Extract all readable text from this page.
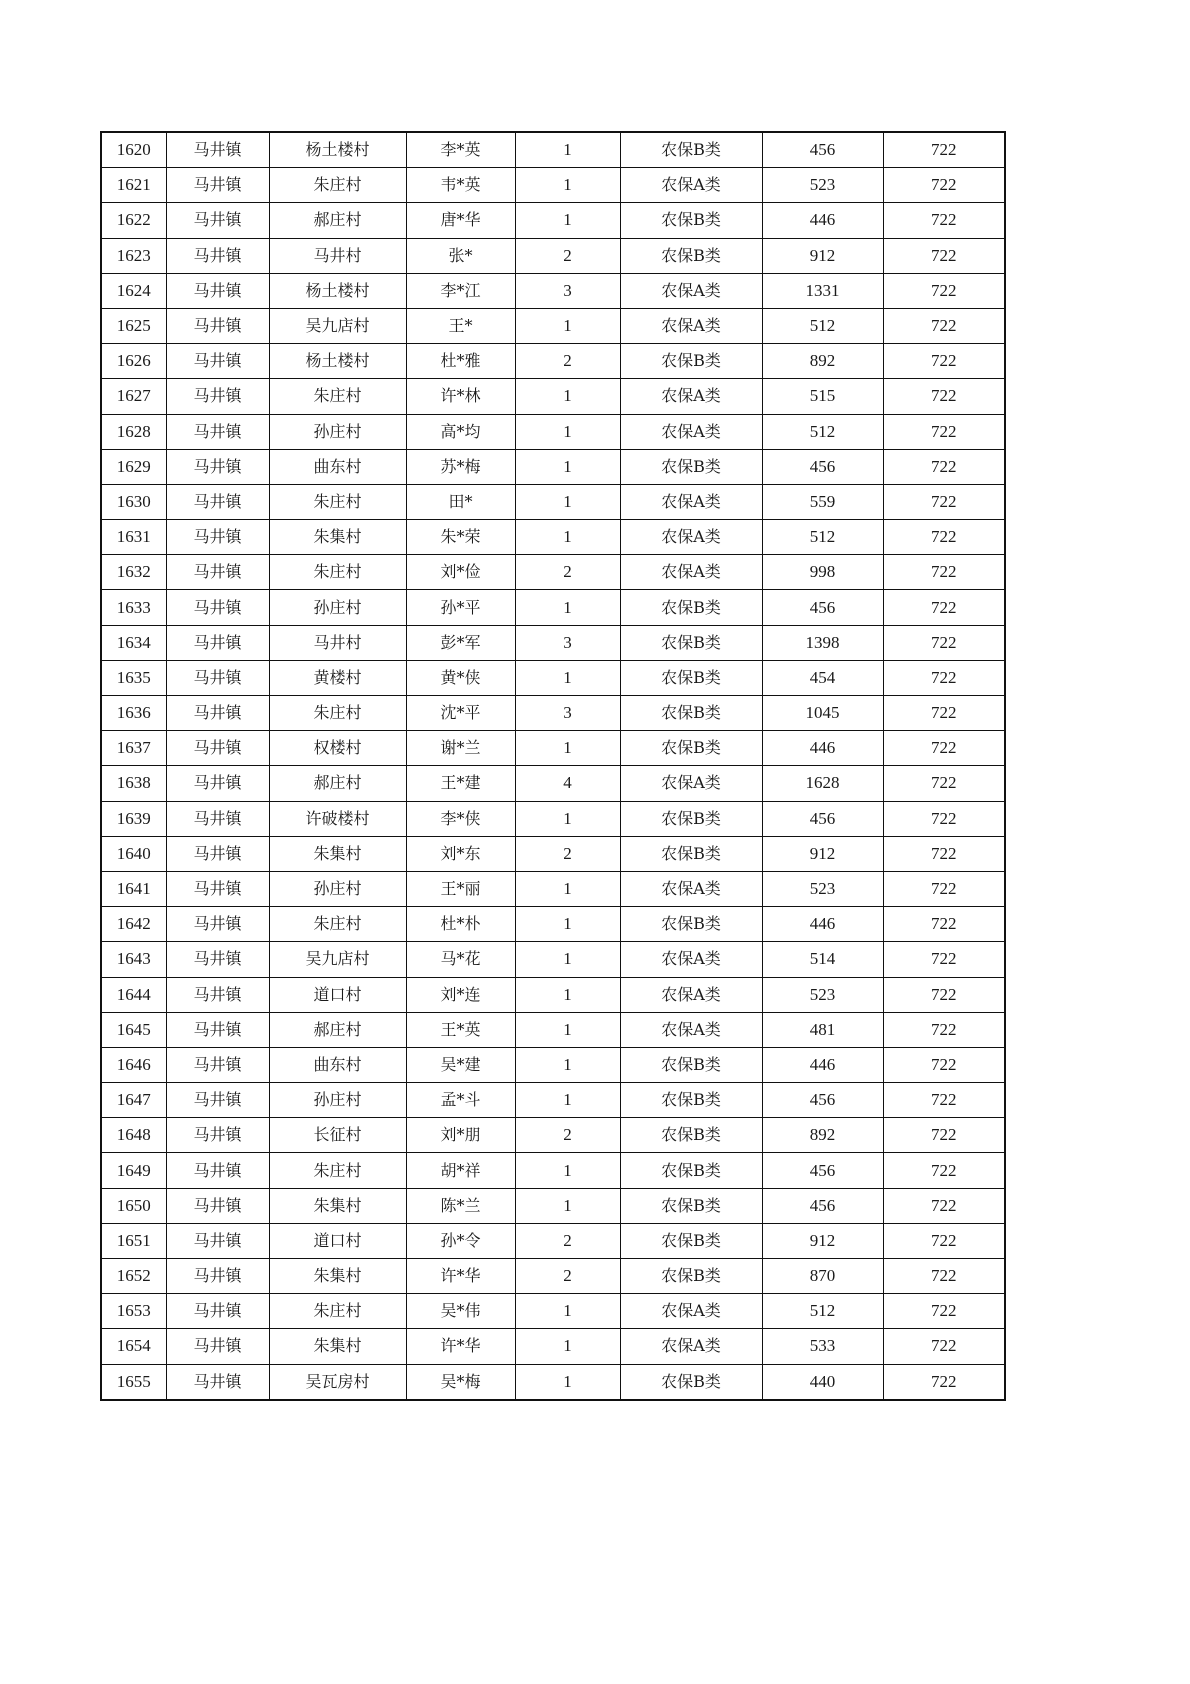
1620	马井镇	杨土楼村	李*英	1	农保B类	456	722
1621	马井镇	朱庄村	韦*英	1	农保A类	523	722
1622	马井镇	郝庄村	唐*华	1	农保B类	446	722
1623	马井镇	马井村	张*	2	农保B类	912	722
1624	马井镇	杨土楼村	李*江	3	农保A类	1331	722
1625	马井镇	吴九店村	王*	1	农保A类	512	722
1626	马井镇	杨土楼村	杜*雅	2	农保B类	892	722
1627	马井镇	朱庄村	许*林	1	农保A类	515	722
1628	马井镇	孙庄村	高*均	1	农保A类	512	722
1629	马井镇	曲东村	苏*梅	1	农保B类	456	722
1630	马井镇	朱庄村	田*	1	农保A类	559	722
1631	马井镇	朱集村	朱*荣	1	农保A类	512	722
1632	马井镇	朱庄村	刘*俭	2	农保A类	998	722
1633	马井镇	孙庄村	孙*平	1	农保B类	456	722
1634	马井镇	马井村	彭*军	3	农保B类	1398	722
1635	马井镇	黄楼村	黄*侠	1	农保B类	454	722
1636	马井镇	朱庄村	沈*平	3	农保B类	1045	722
1637	马井镇	权楼村	谢*兰	1	农保B类	446	722
1638	马井镇	郝庄村	王*建	4	农保A类	1628	722
1639	马井镇	许破楼村	李*侠	1	农保B类	456	722
1640	马井镇	朱集村	刘*东	2	农保B类	912	722
1641	马井镇	孙庄村	王*丽	1	农保A类	523	722
1642	马井镇	朱庄村	杜*朴	1	农保B类	446	722
1643	马井镇	吴九店村	马*花	1	农保A类	514	722
1644	马井镇	道口村	刘*连	1	农保A类	523	722
1645	马井镇	郝庄村	王*英	1	农保A类	481	722
1646	马井镇	曲东村	吴*建	1	农保B类	446	722
1647	马井镇	孙庄村	孟*斗	1	农保B类	456	722
1648	马井镇	长征村	刘*朋	2	农保B类	892	722
1649	马井镇	朱庄村	胡*祥	1	农保B类	456	722
1650	马井镇	朱集村	陈*兰	1	农保B类	456	722
1651	马井镇	道口村	孙*令	2	农保B类	912	722
1652	马井镇	朱集村	许*华	2	农保B类	870	722
1653	马井镇	朱庄村	吴*伟	1	农保A类	512	722
1654	马井镇	朱集村	许*华	1	农保A类	533	722
1655	马井镇	吴瓦房村	吴*梅	1	农保B类	440	722
